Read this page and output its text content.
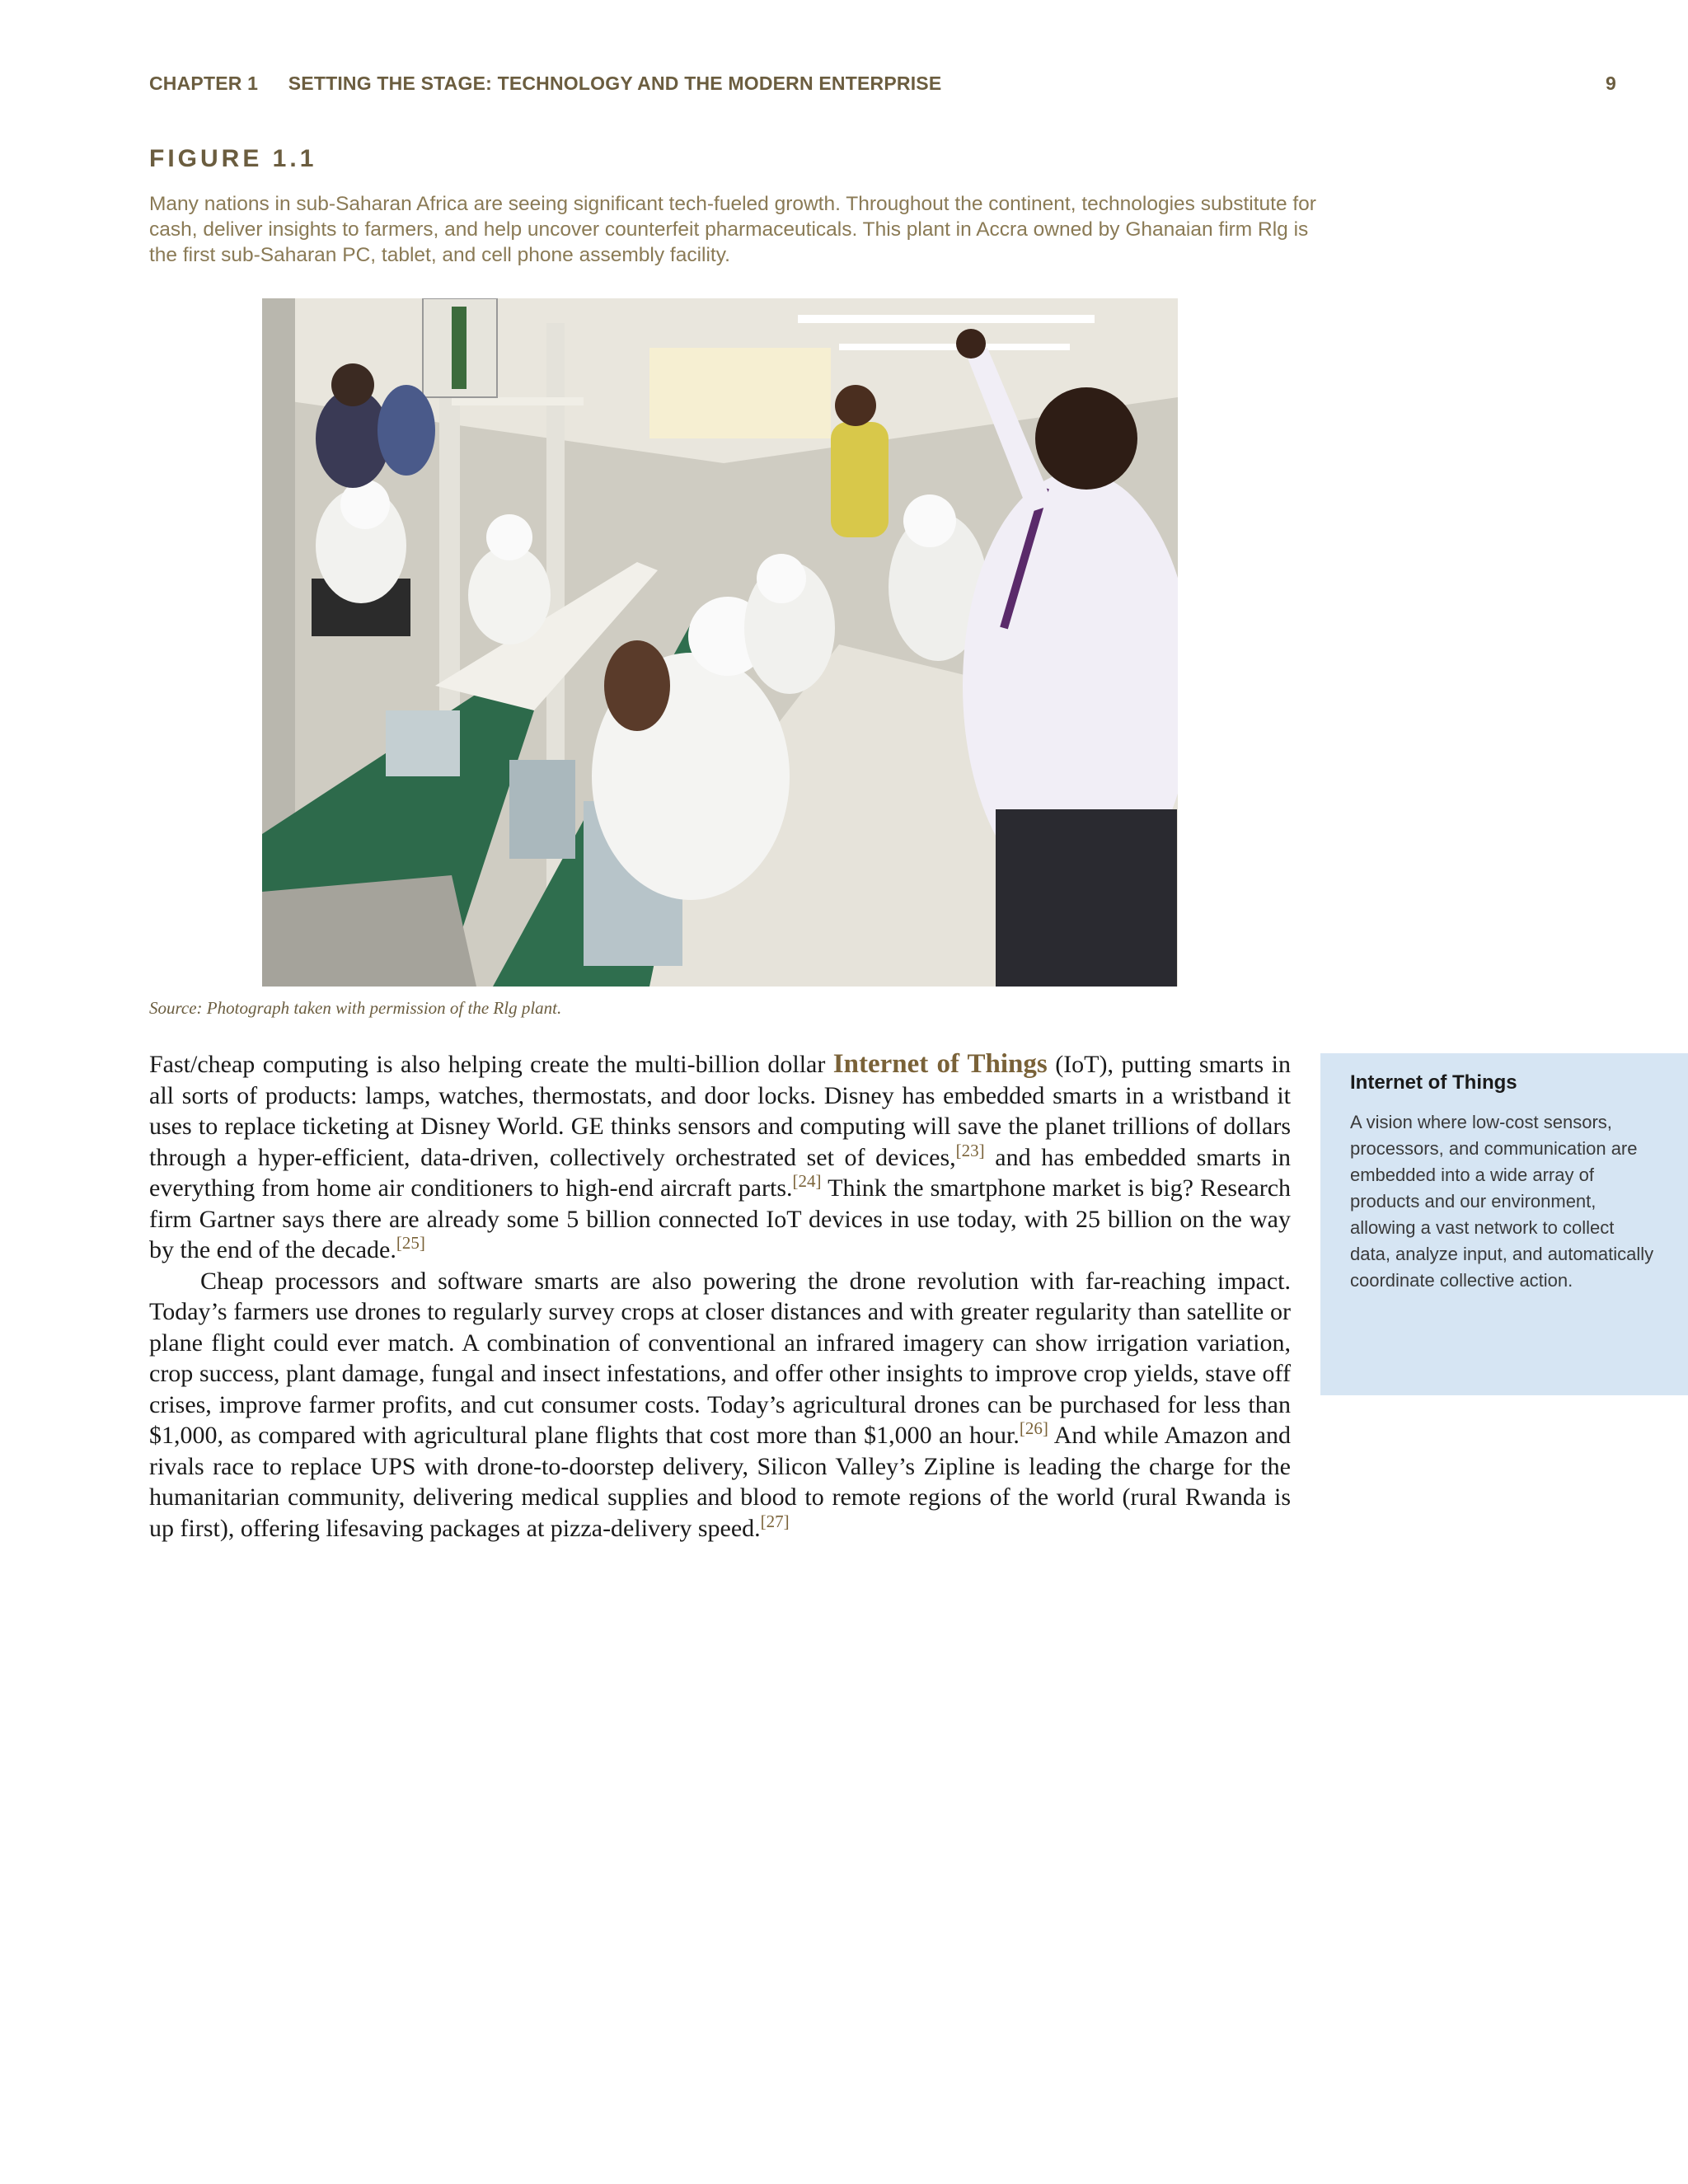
CHAPTER 1 SETTING THE STAGE: TECHNOLOGY AND THE MODERN ENTERPRISE	9
FIGURE 1.1
Many nations in sub-Saharan Africa are seeing significant tech-fueled growth. Throughout the continent, technologies substitute for cash, deliver insights to farmers, and help uncover counterfeit pharmaceuticals. This plant in Accra owned by Ghanaian firm Rlg is the first sub-Saharan PC, tablet, and cell phone assembly facility.
Source: Photograph taken with permission of the Rlg plant.

Fast/cheap computing is also helping create the multi-billion dollar Internet of Things (IoT), putting smarts in all sorts of products: lamps, watches, thermostats, and door locks. Disney has embedded smarts in a wristband it uses to replace ticketing at Disney World. GE thinks sensors and computing will save the planet trillions of dollars through a hyper-efficient, data-driven, collectively orchestrated set of devices,[23] and has embedded smarts in everything from home air conditioners to high-end aircraft parts.[24] Think the smartphone market is big? Research firm Gartner says there are already some 5 billion connected IoT devices in use today, with 25 billion on the way by the end of the decade.[25]

Cheap processors and software smarts are also powering the drone revolution with far-reaching impact. Today’s farmers use drones to regularly survey crops at closer distances and with greater regularity than satellite or plane flight could ever match. A combination of conventional an infrared imagery can show irrigation variation, crop success, plant damage, fungal and insect infestations, and offer other insights to improve crop yields, stave off crises, improve farmer profits, and cut consumer costs. Today’s agricultural drones can be purchased for less than $1,000, as compared with agricultural plane flights that cost more than $1,000 an hour.[26] And while Amazon and rivals race to replace UPS with drone-to-doorstep delivery, Silicon Valley’s Zipline is leading the charge for the humanitarian community, delivering medical supplies and blood to remote regions of the world (rural Rwanda is up first), offering lifesaving packages at pizza-delivery speed.[27]

Internet of Things
A vision where low-cost sensors, processors, and communication are embedded into a wide array of products and our environment, allowing a vast network to collect data, analyze input, and automatically coordinate collective action.
